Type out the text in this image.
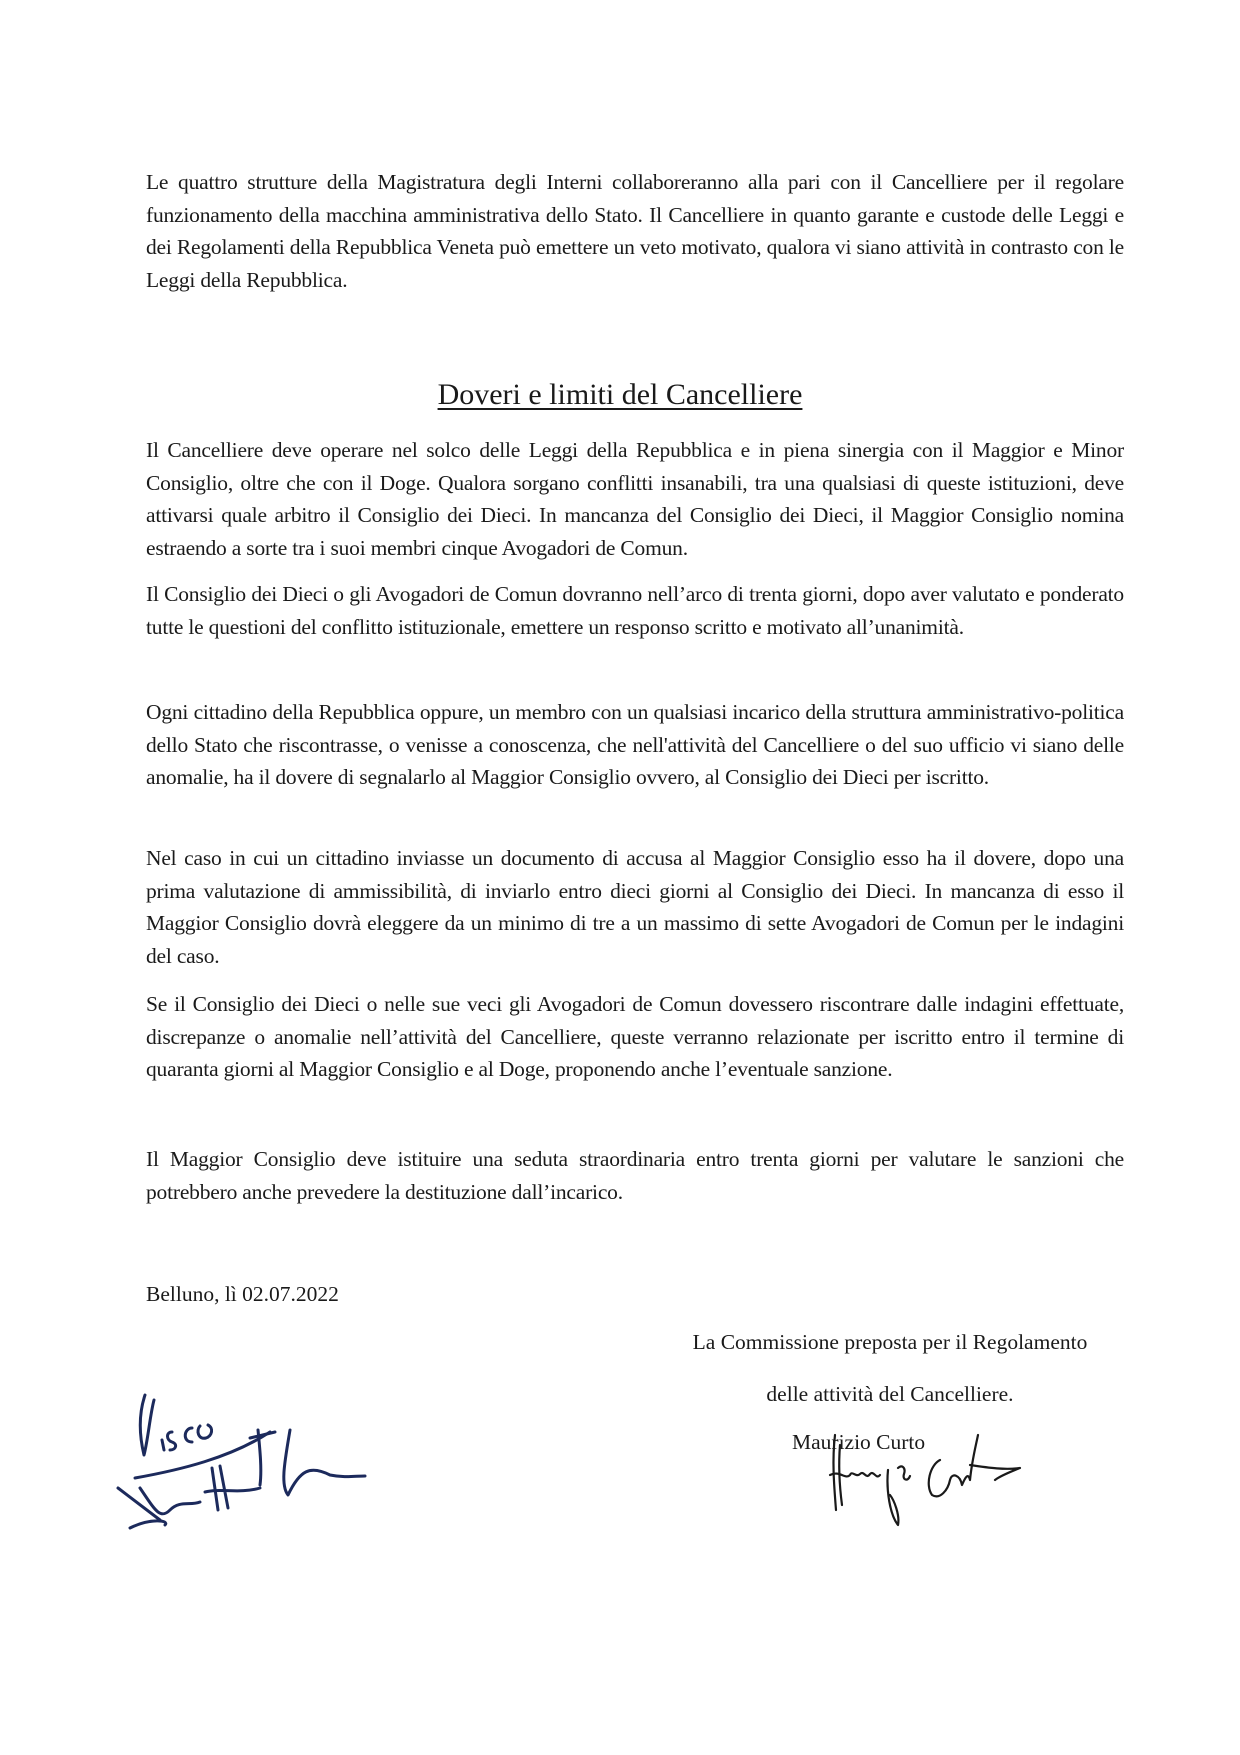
Le quattro strutture della Magistratura degli Interni collaboreranno alla pari con il Cancelliere per il regolare funzionamento della macchina amministrativa dello Stato. Il Cancelliere in quanto garante e custode delle Leggi e dei Regolamenti della Repubblica Veneta può emettere un veto motivato, qualora vi siano attività in contrasto con le Leggi della Repubblica.

Doveri e limiti del Cancelliere

Il Cancelliere deve operare nel solco delle Leggi della Repubblica e in piena sinergia con il Maggior e Minor Consiglio, oltre che con il Doge. Qualora sorgano conflitti insanabili, tra una qualsiasi di queste istituzioni, deve attivarsi quale arbitro il Consiglio dei Dieci. In mancanza del Consiglio dei Dieci, il Maggior Consiglio nomina estraendo a sorte tra i suoi membri cinque Avogadori de Comun.

Il Consiglio dei Dieci o gli Avogadori de Comun dovranno nell’arco di trenta giorni, dopo aver valutato e ponderato tutte le questioni del conflitto istituzionale, emettere un responso scritto e motivato all’unanimità.

Ogni cittadino della Repubblica oppure, un membro con un qualsiasi incarico della struttura amministrativo-politica dello Stato che riscontrasse, o venisse a conoscenza, che nell'attività del Cancelliere o del suo ufficio vi siano delle anomalie, ha il dovere di segnalarlo al Maggior Consiglio ovvero, al Consiglio dei Dieci per iscritto.

Nel caso in cui un cittadino inviasse un documento di accusa al Maggior Consiglio esso ha il dovere, dopo una prima valutazione di ammissibilità, di inviarlo entro dieci giorni al Consiglio dei Dieci. In mancanza di esso il Maggior Consiglio dovrà eleggere da un minimo di tre a un massimo di sette Avogadori de Comun per le indagini del caso.

Se il Consiglio dei Dieci o nelle sue veci gli Avogadori de Comun dovessero riscontrare dalle indagini effettuate, discrepanze o anomalie nell’attività del Cancelliere, queste verranno relazionate per iscritto entro il termine di quaranta giorni al Maggior Consiglio e al Doge, proponendo anche l’eventuale sanzione.

Il Maggior Consiglio deve istituire una seduta straordinaria entro trenta giorni per valutare le sanzioni che potrebbero anche prevedere la destituzione dall’incarico.

Belluno, lì 02.07.2022
La Commissione preposta per il Regolamento
delle attività del Cancelliere.
Maurizio Curto
